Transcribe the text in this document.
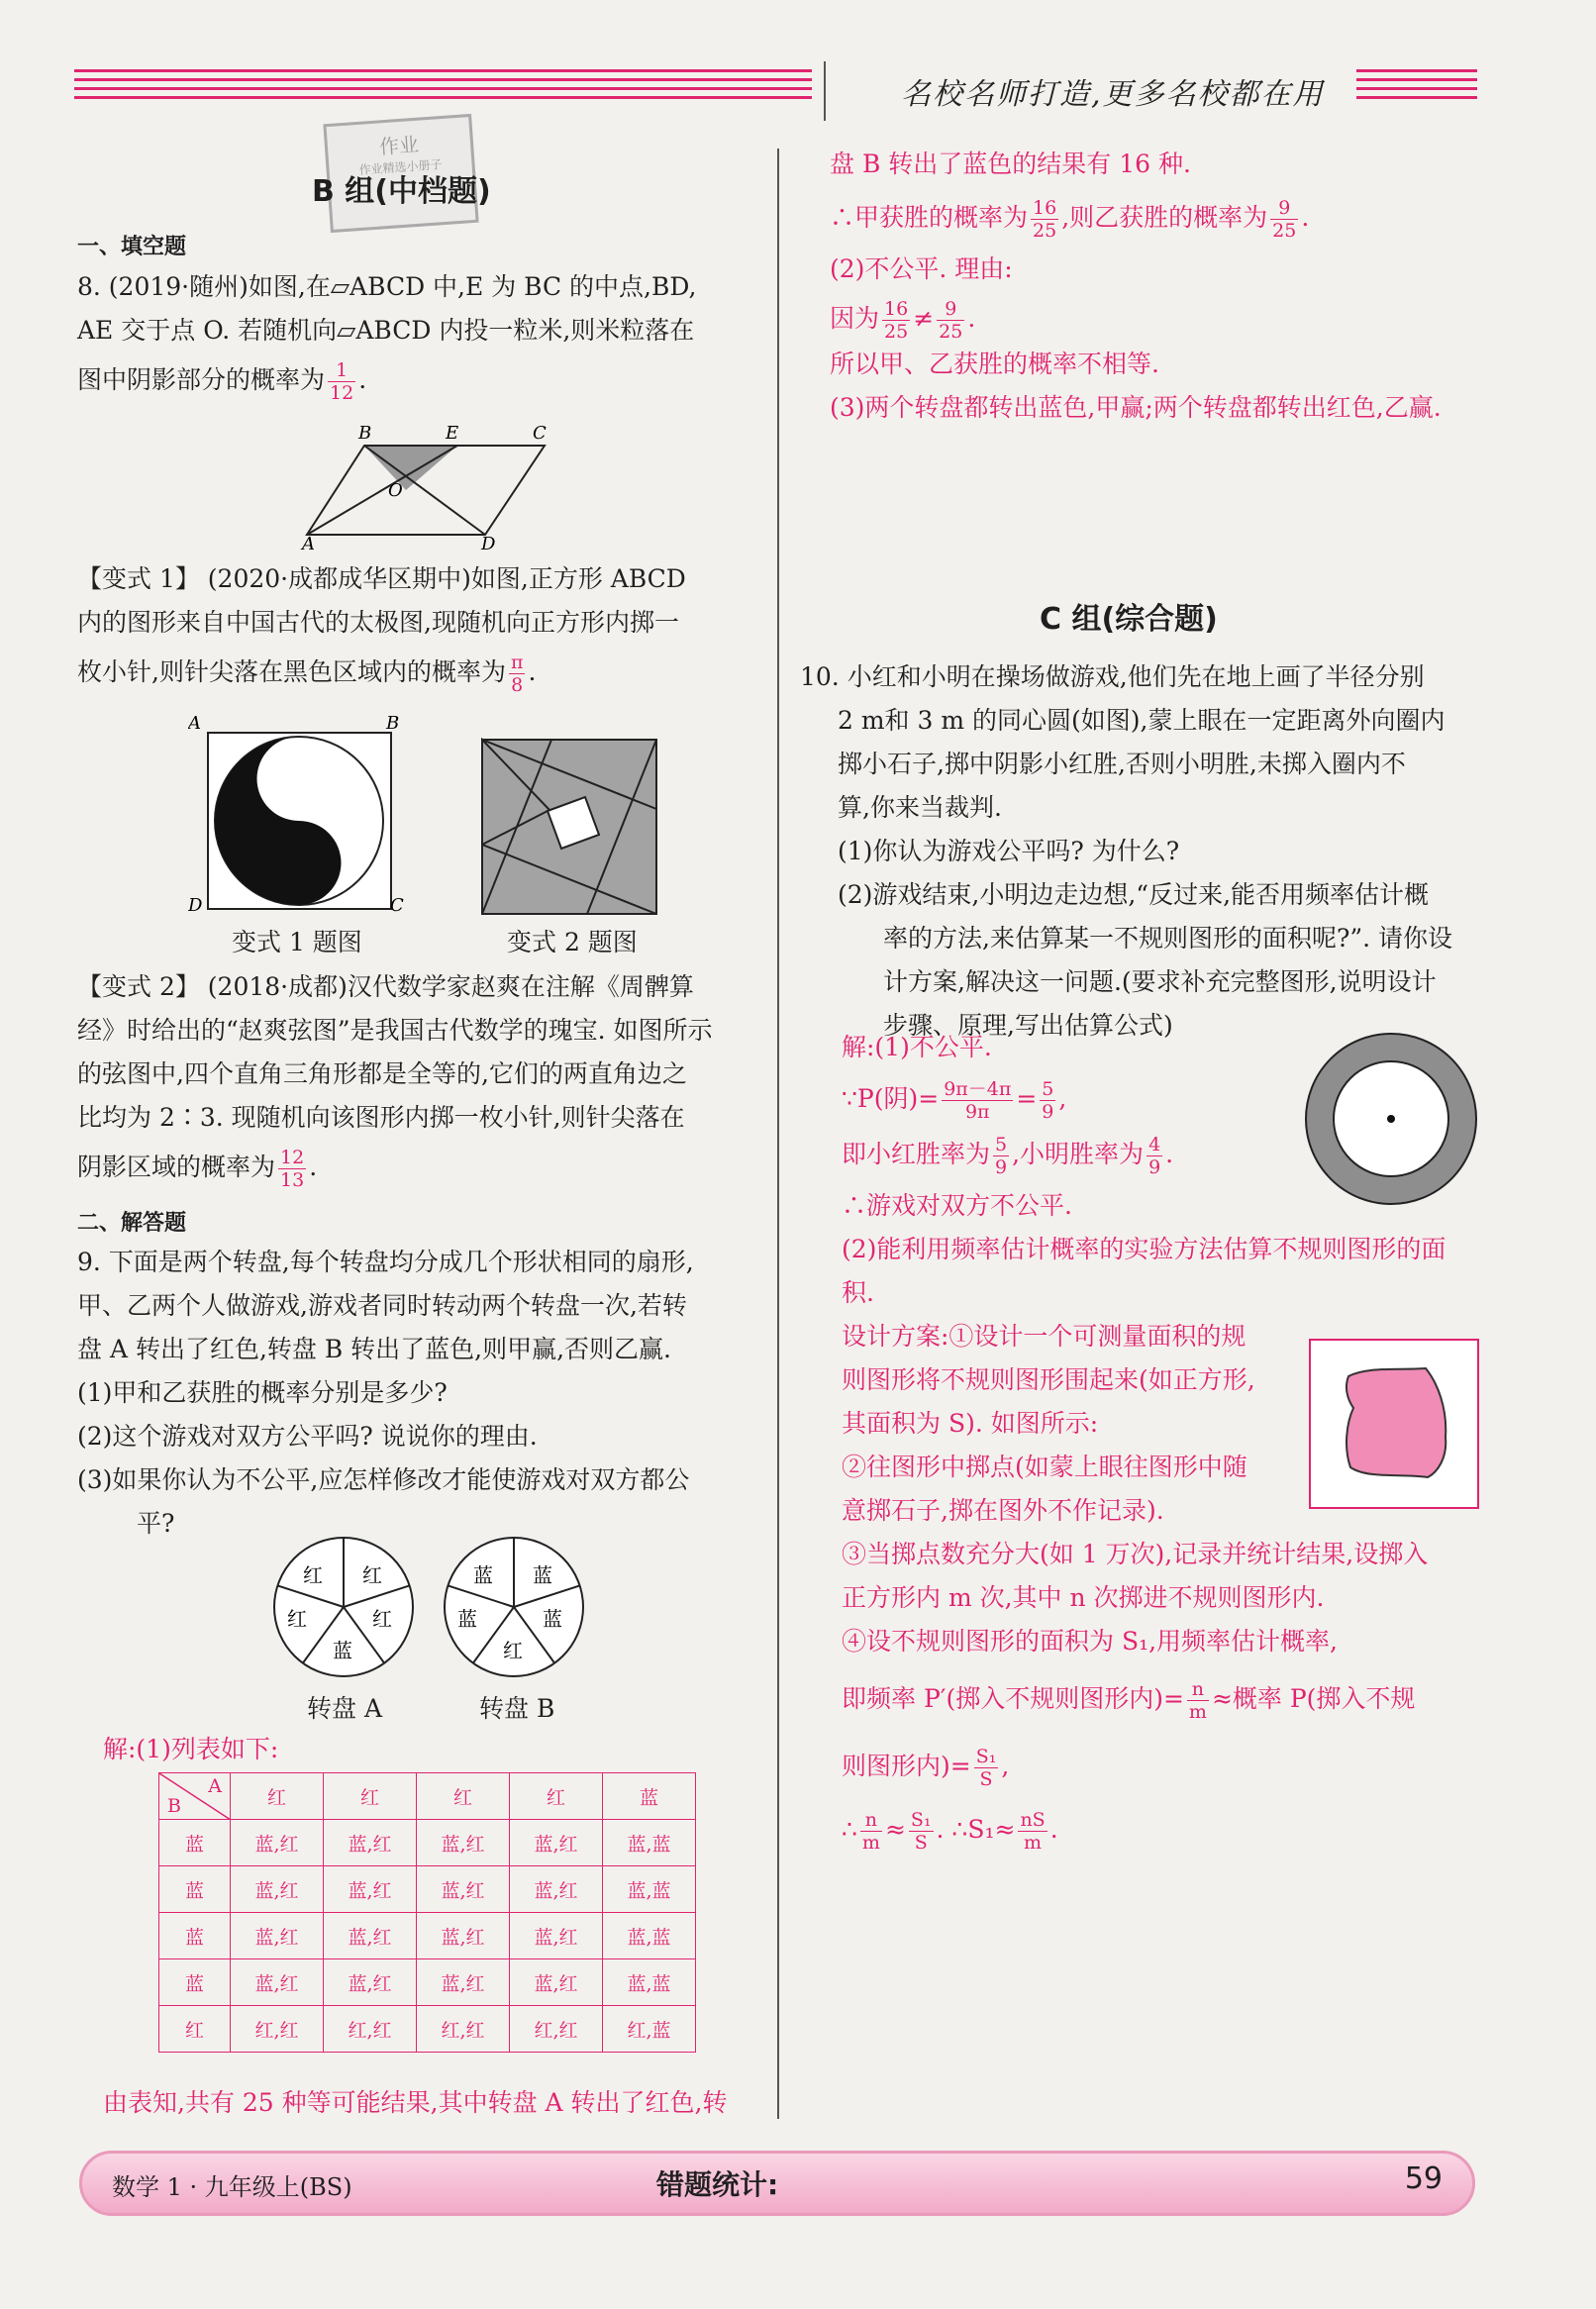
名校名师打造,更多名校都在用
作业
作业精选小册子
B 组(中档题)
一、填空题
8. (2019·随州)如图,在▱ABCD 中,E 为 BC 的中点,BD,
AE 交于点 O. 若随机向▱ABCD 内投一粒米,则米粒落在
图中阴影部分的概率为 $\frac{1}{12}$ .
B	E	C
O
A	D
【变式 1】 (2020·成都成华区期中)如图,正方形 ABCD
内的图形来自中国古代的太极图,现随机向正方形内掷一
枚小针,则针尖落在黑色区域内的概率为 $\frac{\pi}{8}$ .
A	B
C
D
变式 1 题图	变式 2 题图
【变式 2】 (2018·成都)汉代数学家赵爽在注解《周髀算
经》时给出的“赵爽弦图”是我国古代数学的瑰宝. 如图所示
的弦图中,四个直角三角形都是全等的,它们的两直角边之
比均为 2∶3. 现随机向该图形内掷一枚小针,则针尖落在
阴影区域的概率为 $\frac{12}{13}$ .
二、解答题
9. 下面是两个转盘,每个转盘均分成几个形状相同的扇形,
甲、乙两个人做游戏,游戏者同时转动两个转盘一次,若转
盘 A 转出了红色,转盘 B 转出了蓝色,则甲赢,否则乙赢.
(1)甲和乙获胜的概率分别是多少?
(2)这个游戏对双方公平吗? 说说你的理由.
(3)如果你认为不公平,应怎样修改才能使游戏对双方都公
平?
红 红
红
蓝
红
蓝 蓝
蓝
红
蓝
转盘 A	转盘 B
解:(1)列表如下:
A
B	红	红	红	红	蓝
蓝	蓝,红	蓝,红	蓝,红	蓝,红	蓝,蓝
蓝	蓝,红	蓝,红	蓝,红	蓝,红	蓝,蓝
蓝	蓝,红	蓝,红	蓝,红	蓝,红	蓝,蓝
蓝	蓝,红	蓝,红	蓝,红	蓝,红	蓝,蓝
红	红,红	红,红	红,红	红,红	红,蓝
由表知,共有 25 种等可能结果,其中转盘 A 转出了红色,转
盘 B 转出了蓝色的结果有 16 种.
∴甲获胜的概率为 $\frac{16}{25}$ ,则乙获胜的概率为 $\frac{9}{25}$ .
(2)不公平. 理由:
因为 $\frac{16}{25} \ne \frac{9}{25}$ .
所以甲、乙获胜的概率不相等.
(3)两个转盘都转出蓝色,甲赢;两个转盘都转出红色,乙赢.
C 组(综合题)
10. 小红和小明在操场做游戏,他们先在地上画了半径分别
2 m和 3 m 的同心圆(如图),蒙上眼在一定距离外向圈内
掷小石子,掷中阴影小红胜,否则小明胜,未掷入圈内不
算,你来当裁判.
(1)你认为游戏公平吗? 为什么?
(2)游戏结束,小明边走边想,“反过来,能否用频率估计概
率的方法,来估算某一不规则图形的面积呢?”. 请你设
计方案,解决这一问题.(要求补充完整图形,说明设计
步骤、原理,写出估算公式)
解:(1)不公平.
∵P(阴)= $\frac{9\pi-4\pi}{9\pi} = \frac{5}{9}$ ,
即小红胜率为 $\frac{5}{9}$ ,小明胜率为 $\frac{4}{9}$ .
∴游戏对双方不公平.
(2)能利用频率估计概率的实验方法估算不规则图形的面
积.
设计方案:①设计一个可测量面积的规
则图形将不规则图形围起来(如正方形,
其面积为 S). 如图所示:
②往图形中掷点(如蒙上眼往图形中随
意掷石子,掷在图外不作记录).
③当掷点数充分大(如 1 万次),记录并统计结果,设掷入
正方形内 m 次,其中 n 次掷进不规则图形内.
④设不规则图形的面积为 S₁,用频率估计概率,
即频率 P′(掷入不规则图形内)= $\frac{n}{m}$ ≈概率 P(掷入不规
则图形内)= $\frac{\text{S₁}}{S}$ ,
∴ $\frac{n}{m} \approx \frac{\text{S₁}}{S}$ . ∴S₁≈ $\frac{nS}{m}$ .
数学 1 · 九年级上(BS)	错题统计:	59
